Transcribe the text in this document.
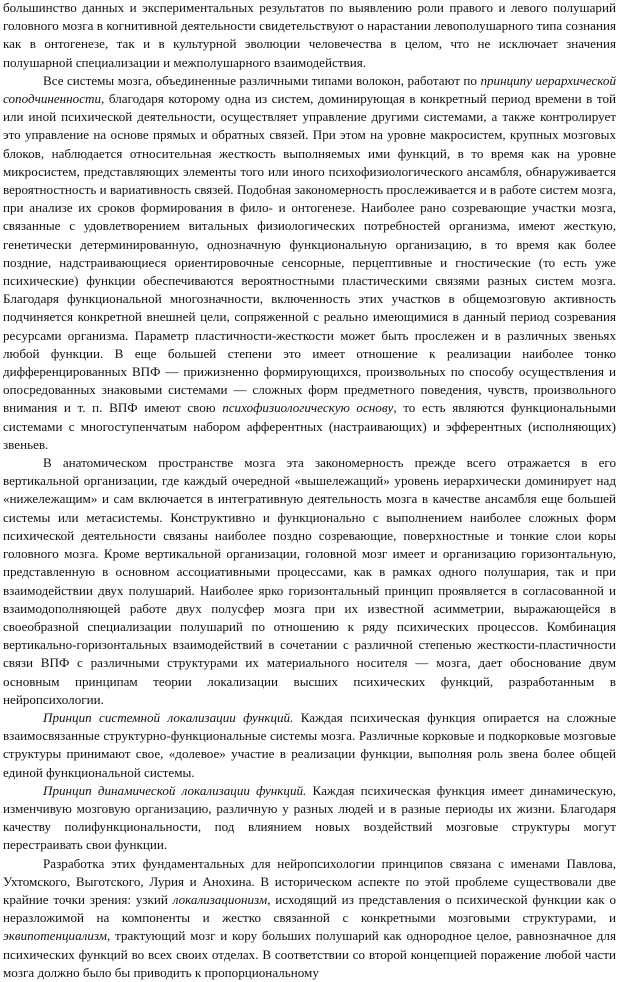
большинство данных и экспериментальных результатов по выявлению роли правого и левого полушарий головного мозга в когнитивной деятельности свидетельствуют о нарастании левополушарного типа сознания как в онтогенезе, так и в культурной эволюции человечества в целом, что не исключает значения полушарной специализации и межполушарного взаимодействия.

Все системы мозга, объединенные различными типами волокон, работают по принципу иерархической соподчиненности, благодаря которому одна из систем, доминирующая в конкретный период времени в той или иной психической деятельности, осуществляет управление другими системами, а также контролирует это управление на основе прямых и обратных связей. При этом на уровне макросистем, крупных мозговых блоков, наблюдается относительная жесткость выполняемых ими функций, в то время как на уровне микросистем, представляющих элементы того или иного психофизиологического ансамбля, обнаруживается вероятностность и вариативность связей. Подобная закономерность прослеживается и в работе систем мозга, при анализе их сроков формирования в фило- и онтогенезе. Наиболее рано созревающие участки мозга, связанные с удовлетворением витальных физиологических потребностей организма, имеют жесткую, генетически детерминированную, однозначную функциональную организацию, в то время как более поздние, надстраивающиеся ориентировочные сенсорные, перцептивные и гностические (то есть уже психические) функции обеспечиваются вероятностными пластическими связями разных систем мозга. Благодаря функциональной многозначности, включенность этих участков в общемозговую активность подчиняется конкретной внешней цели, сопряженной с реально имеющимися в данный период созревания ресурсами организма. Параметр пластичности-жесткости может быть прослежен и в различных звеньях любой функции. В еще большей степени это имеет отношение к реализации наиболее тонко дифференцированных ВПФ — прижизненно формирующихся, произвольных по способу осуществления и опосредованных знаковыми системами — сложных форм предметного поведения, чувств, произвольного внимания и т. п. ВПФ имеют свою психофизиологическую основу, то есть являются функциональными системами с многоступенчатым набором афферентных (настраивающих) и эфферентных (исполняющих) звеньев.

В анатомическом пространстве мозга эта закономерность прежде всего отражается в его вертикальной организации, где каждый очередной «вышележащий» уровень иерархически доминирует над «нижележащим» и сам включается в интегративную деятельность мозга в качестве ансамбля еще большей системы или метасистемы. Конструктивно и функционально с выполнением наиболее сложных форм психической деятельности связаны наиболее поздно созревающие, поверхностные и тонкие слои коры головного мозга. Кроме вертикальной организации, головной мозг имеет и организацию горизонтальную, представленную в основном ассоциативными процессами, как в рамках одного полушария, так и при взаимодействии двух полушарий. Наиболее ярко горизонтальный принцип проявляется в согласованной и взаимодополняющей работе двух полусфер мозга при их известной асимметрии, выражающейся в своеобразной специализации полушарий по отношению к ряду психических процессов. Комбинация вертикально-горизонтальных взаимодействий в сочетании с различной степенью жесткости-пластичности связи ВПФ с различными структурами их материального носителя — мозга, дает обоснование двум основным принципам теории локализации высших психических функций, разработанным в нейропсихологии.

Принцип системной локализации функций. Каждая психическая функция опирается на сложные взаимосвязанные структурно-функциональные системы мозга. Различные корковые и подкорковые мозговые структуры принимают свое, «долевое» участие в реализации функции, выполняя роль звена более общей единой функциональной системы.

Принцип динамической локализации функций. Каждая психическая функция имеет динамическую, изменчивую мозговую организацию, различную у разных людей и в разные периоды их жизни. Благодаря качеству полифункциональности, под влиянием новых воздействий мозговые структуры могут перестраивать свои функции.

Разработка этих фундаментальных для нейропсихологии принципов связана с именами Павлова, Ухтомского, Выготского, Лурия и Анохина. В историческом аспекте по этой проблеме существовали две крайние точки зрения: узкий локализационизм, исходящий из представления о психической функции как о неразложимой на компоненты и жестко связанной с конкретными мозговыми структурами, и эквипотенциализм, трактующий мозг и кору больших полушарий как однородное целое, равнозначное для психических функций во всех своих отделах. В соответствии со второй концепцией поражение любой части мозга должно было бы приводить к пропорциональному
